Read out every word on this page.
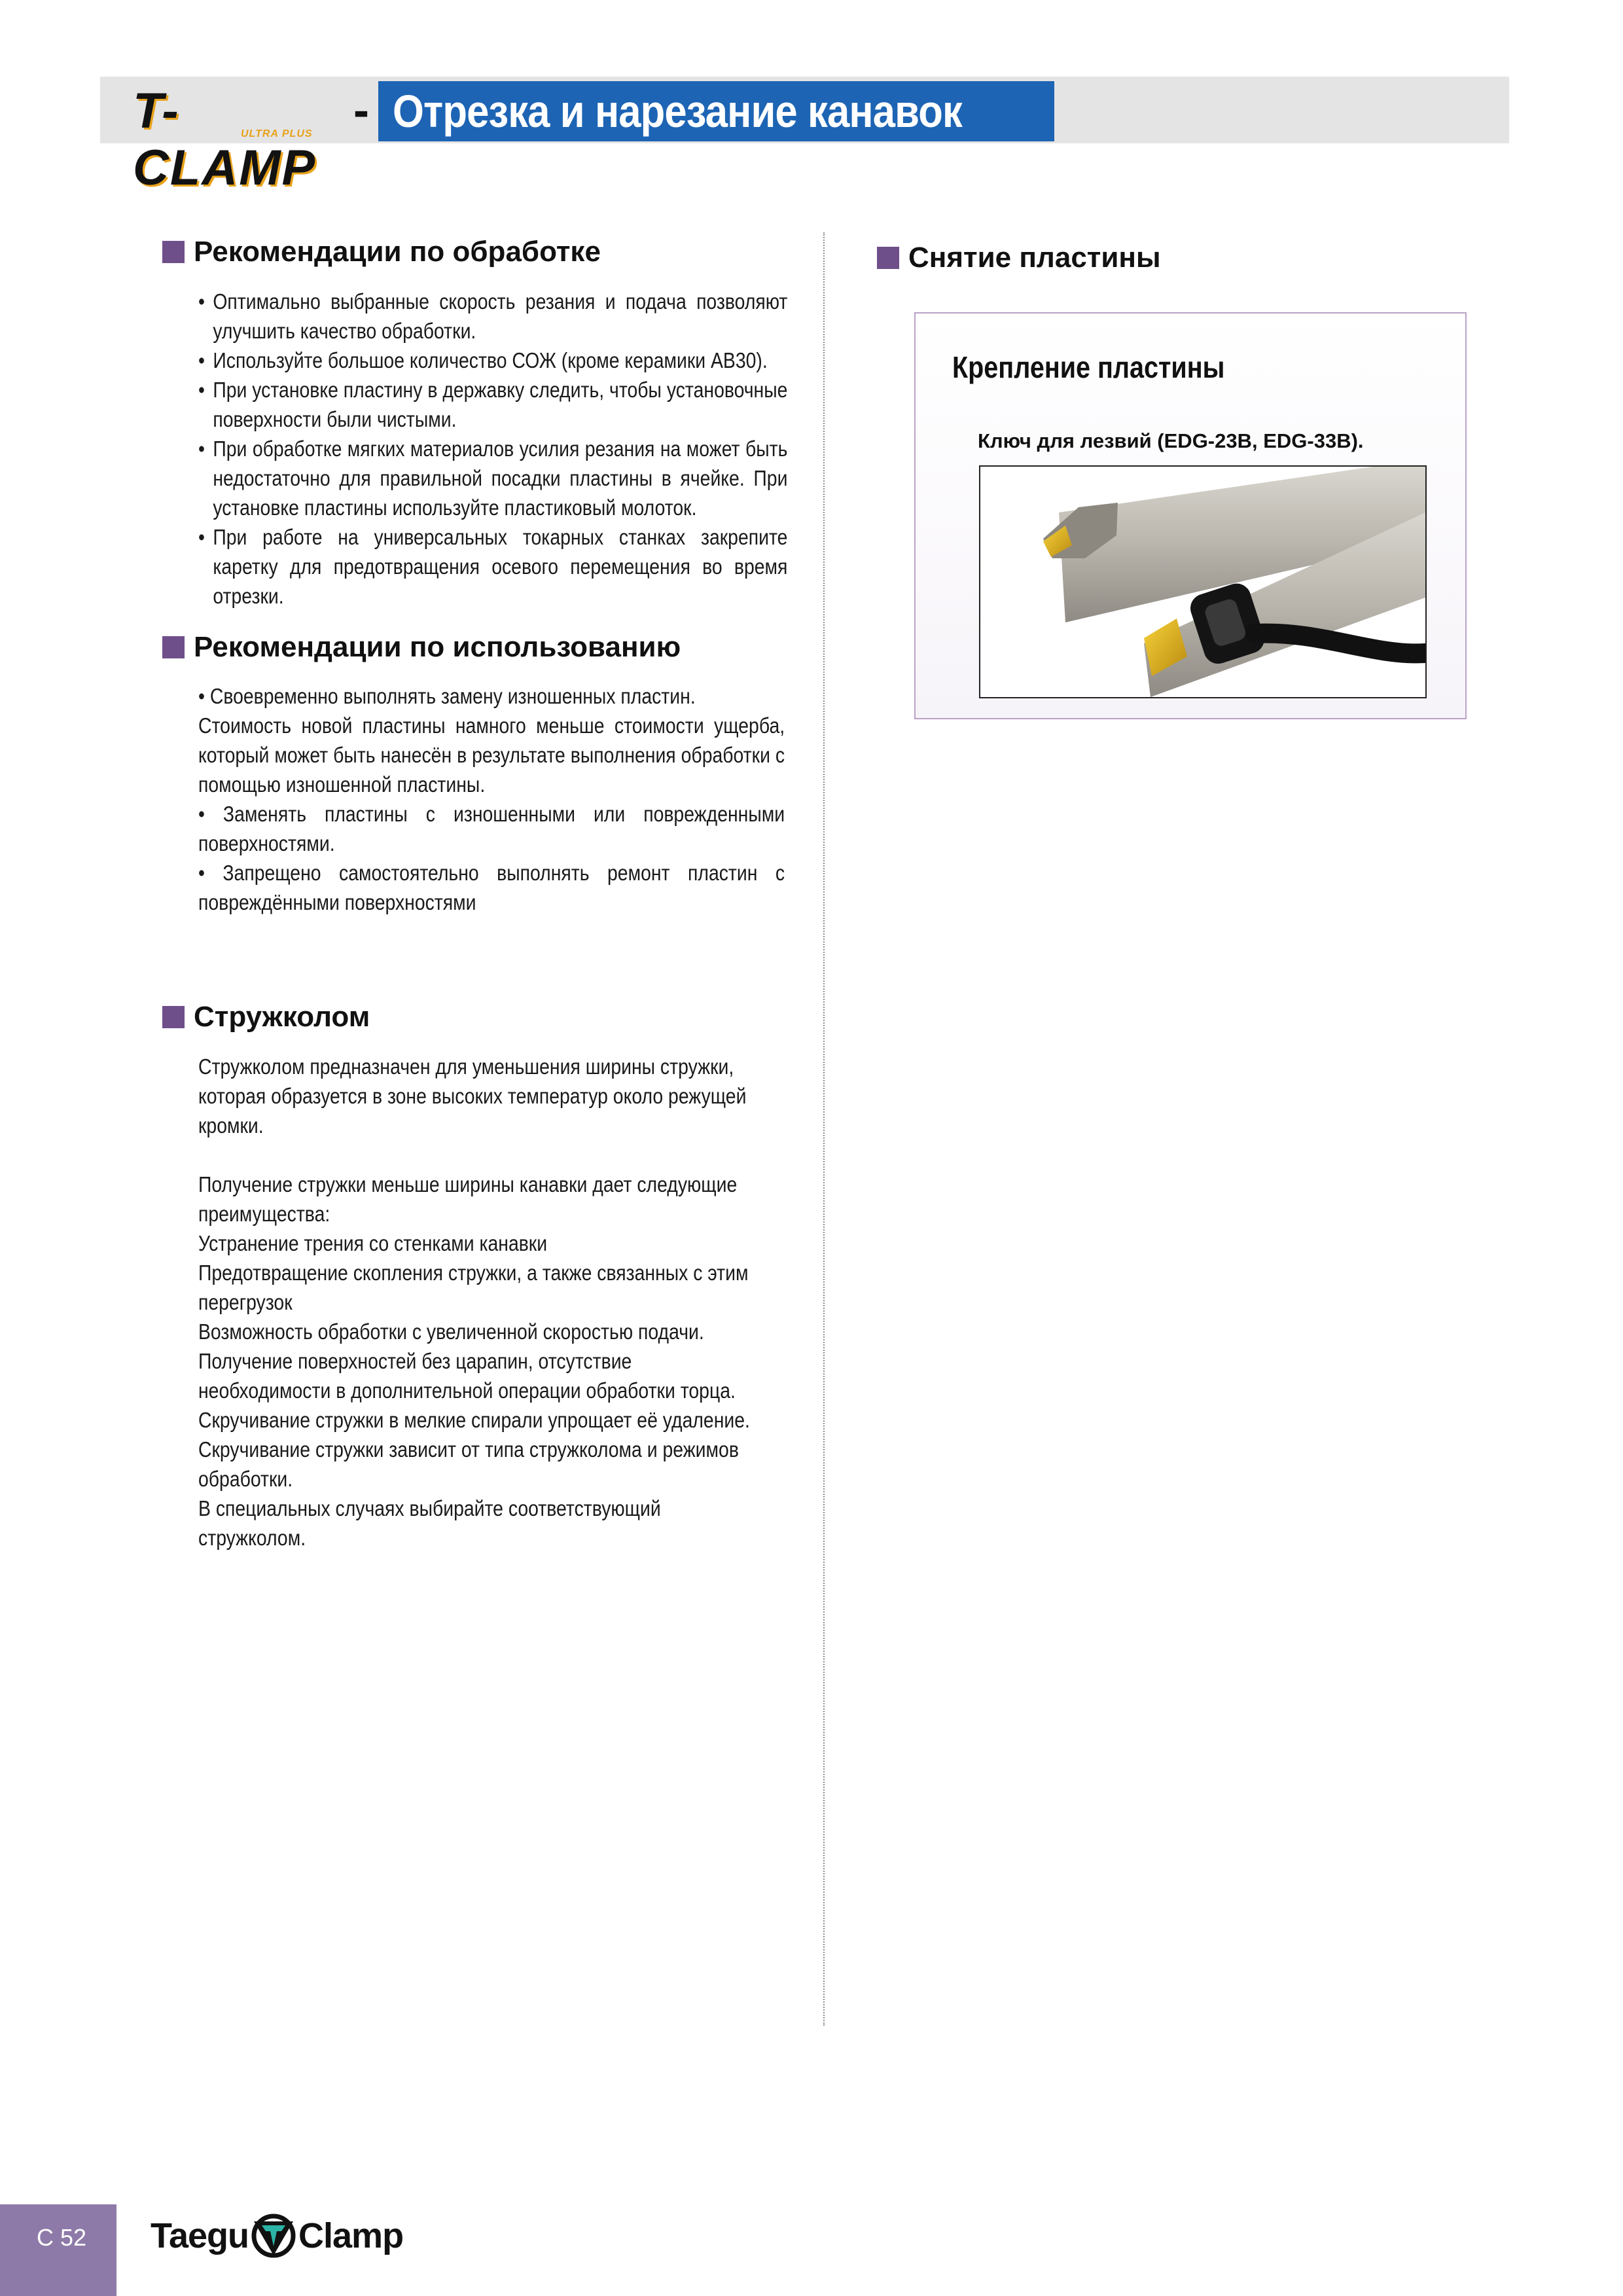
T-CLAMP
ULTRA PLUS - Отрезка и нарезание канавок
Рекомендации по обработке
• Оптимально выбранные скорость резания и подача позволяют улучшить качество обработки.
• Используйте большое количество СОЖ (кроме керамики AB30).
• При установке пластину в державку следить, чтобы установочные поверхности были чистыми.
• При обработке мягких материалов усилия резания на может быть недостаточно для правильной посадки пластины в ячейке. При установке пластины используйте пластиковый молоток.
• При работе на универсальных токарных станках закрепите каретку для предотвращения осевого перемещения во время отрезки.
Рекомендации по использованию

• Своевременно выполнять замену изношенных пластин.

Стоимость новой пластины намного меньше стоимости ущерба, который может быть нанесён в результате выполнения обработки с помощью изношенной пластины.

• Заменять пластины с изношенными или поврежденными поверхностями.

• Запрещено самостоятельно выполнять ремонт пластин с повреждёнными поверхностями

Стружколом

Стружколом предназначен для уменьшения ширины стружки, которая образуется в зоне высоких температур около режущей кромки.

Получение стружки меньше ширины канавки дает следующие преимущества:

Устранение трения со стенками канавки

Предотвращение скопления стружки, а также связанных с этим перегрузок

Возможность обработки с увеличенной скоростью подачи.

Получение поверхностей без царапин, отсутствие необходимости в дополнительной операции обработки торца.

Скручивание стружки в мелкие спирали упрощает её удаление.

Скручивание стружки зависит от типа стружколома и режимов обработки.

В специальных случаях выбирайте соответствующий стружколом.

Снятие пластины
Крепление пластины
Ключ для лезвий (EDG-23B, EDG-33B).
C 52 Taegu Clamp
